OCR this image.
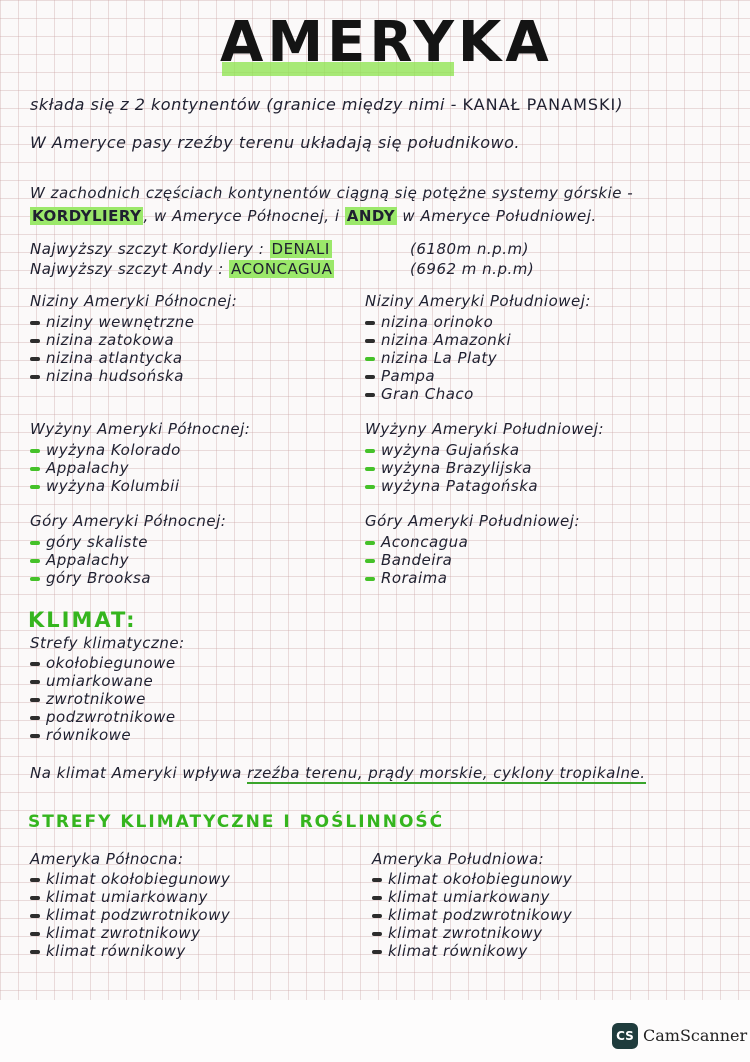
AMERYKA
składa się z 2 kontynentów (granice między nimi - KANAŁ PANAMSKI)
W Ameryce pasy rzeźby terenu układają się południkowo.
W zachodnich częściach kontynentów ciągną się potężne systemy górskie -
KORDYLIERY , w Ameryce Północnej, i ANDY w Ameryce Południowej.
Najwyższy szczyt Kordyliery : DENALI	(6180m n.p.m)
Najwyższy szczyt Andy : ACONCAGUA	(6962 m n.p.m)
Niziny Ameryki Północnej:
niziny wewnętrzne
nizina zatokowa
nizina atlantycka
nizina hudsońska
Niziny Ameryki Południowej:
nizina orinoko
nizina Amazonki
nizina La Platy
Pampa
Gran Chaco
Wyżyny Ameryki Północnej:
wyżyna Kolorado
Appalachy
wyżyna Kolumbii
Wyżyny Ameryki Południowej:
wyżyna Gujańska
wyżyna Brazylijska
wyżyna Patagońska
Góry Ameryki Północnej:
góry skaliste
Appalachy
góry Brooksa
Góry Ameryki Południowej:
Aconcagua
Bandeira
Roraima
KLIMAT:
Strefy klimatyczne:
okołobiegunowe
umiarkowane
zwrotnikowe
podzwrotnikowe
równikowe
Na klimat Ameryki wpływa rzeźba terenu, prądy morskie, cyklony tropikalne.
STREFY KLIMATYCZNE I ROŚLINNOŚĆ
Ameryka Północna:
klimat okołobiegunowy
klimat umiarkowany
klimat podzwrotnikowy
klimat zwrotnikowy
klimat równikowy
Ameryka Południowa:
klimat okołobiegunowy
klimat umiarkowany
klimat podzwrotnikowy
klimat zwrotnikowy
klimat równikowy
CS CamScanner
